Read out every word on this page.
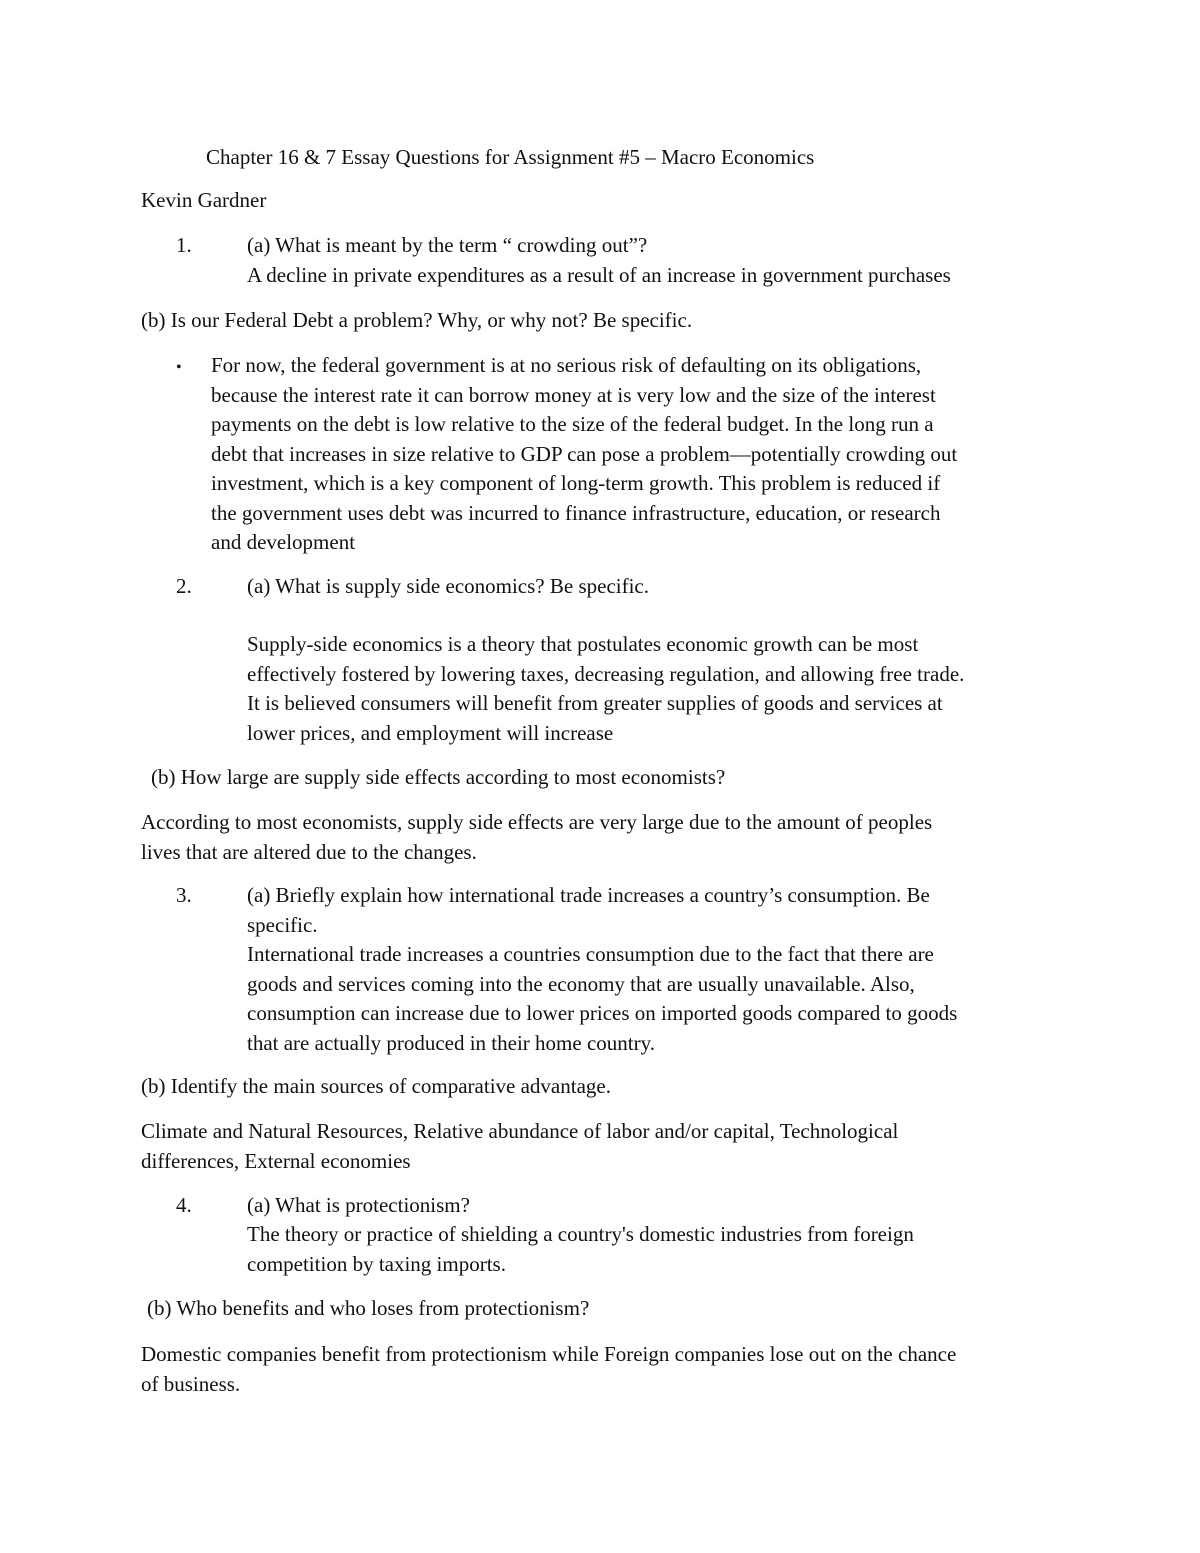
Chapter 16 & 7 Essay Questions for Assignment #5 – Macro Economics
Kevin Gardner
1.	(a) What is meant by the term “ crowding out”?
A decline in private expenditures as a result of an increase in government purchases
(b) Is our Federal Debt a problem? Why, or why not? Be specific.
• For now, the federal government is at no serious risk of defaulting on its obligations,
because the interest rate it can borrow money at is very low and the size of the interest
payments on the debt is low relative to the size of the federal budget. In the long run a
debt that increases in size relative to GDP can pose a problem—potentially crowding out
investment, which is a key component of long-term growth. This problem is reduced if
the government uses debt was incurred to finance infrastructure, education, or research
and development
2.	(a) What is supply side economics? Be specific.
Supply-side economics is a theory that postulates economic growth can be most
effectively fostered by lowering taxes, decreasing regulation, and allowing free trade.
It is believed consumers will benefit from greater supplies of goods and services at
lower prices, and employment will increase
(b) How large are supply side effects according to most economists?
According to most economists, supply side effects are very large due to the amount of peoples
lives that are altered due to the changes.
3.	(a) Briefly explain how international trade increases a country’s consumption. Be
specific.
International trade increases a countries consumption due to the fact that there are
goods and services coming into the economy that are usually unavailable. Also,
consumption can increase due to lower prices on imported goods compared to goods
that are actually produced in their home country.
(b) Identify the main sources of comparative advantage.
Climate and Natural Resources, Relative abundance of labor and/or capital, Technological
differences, External economies
4.	(a) What is protectionism?
The theory or practice of shielding a country's domestic industries from foreign
competition by taxing imports.
(b) Who benefits and who loses from protectionism?
Domestic companies benefit from protectionism while Foreign companies lose out on the chance
of business.
